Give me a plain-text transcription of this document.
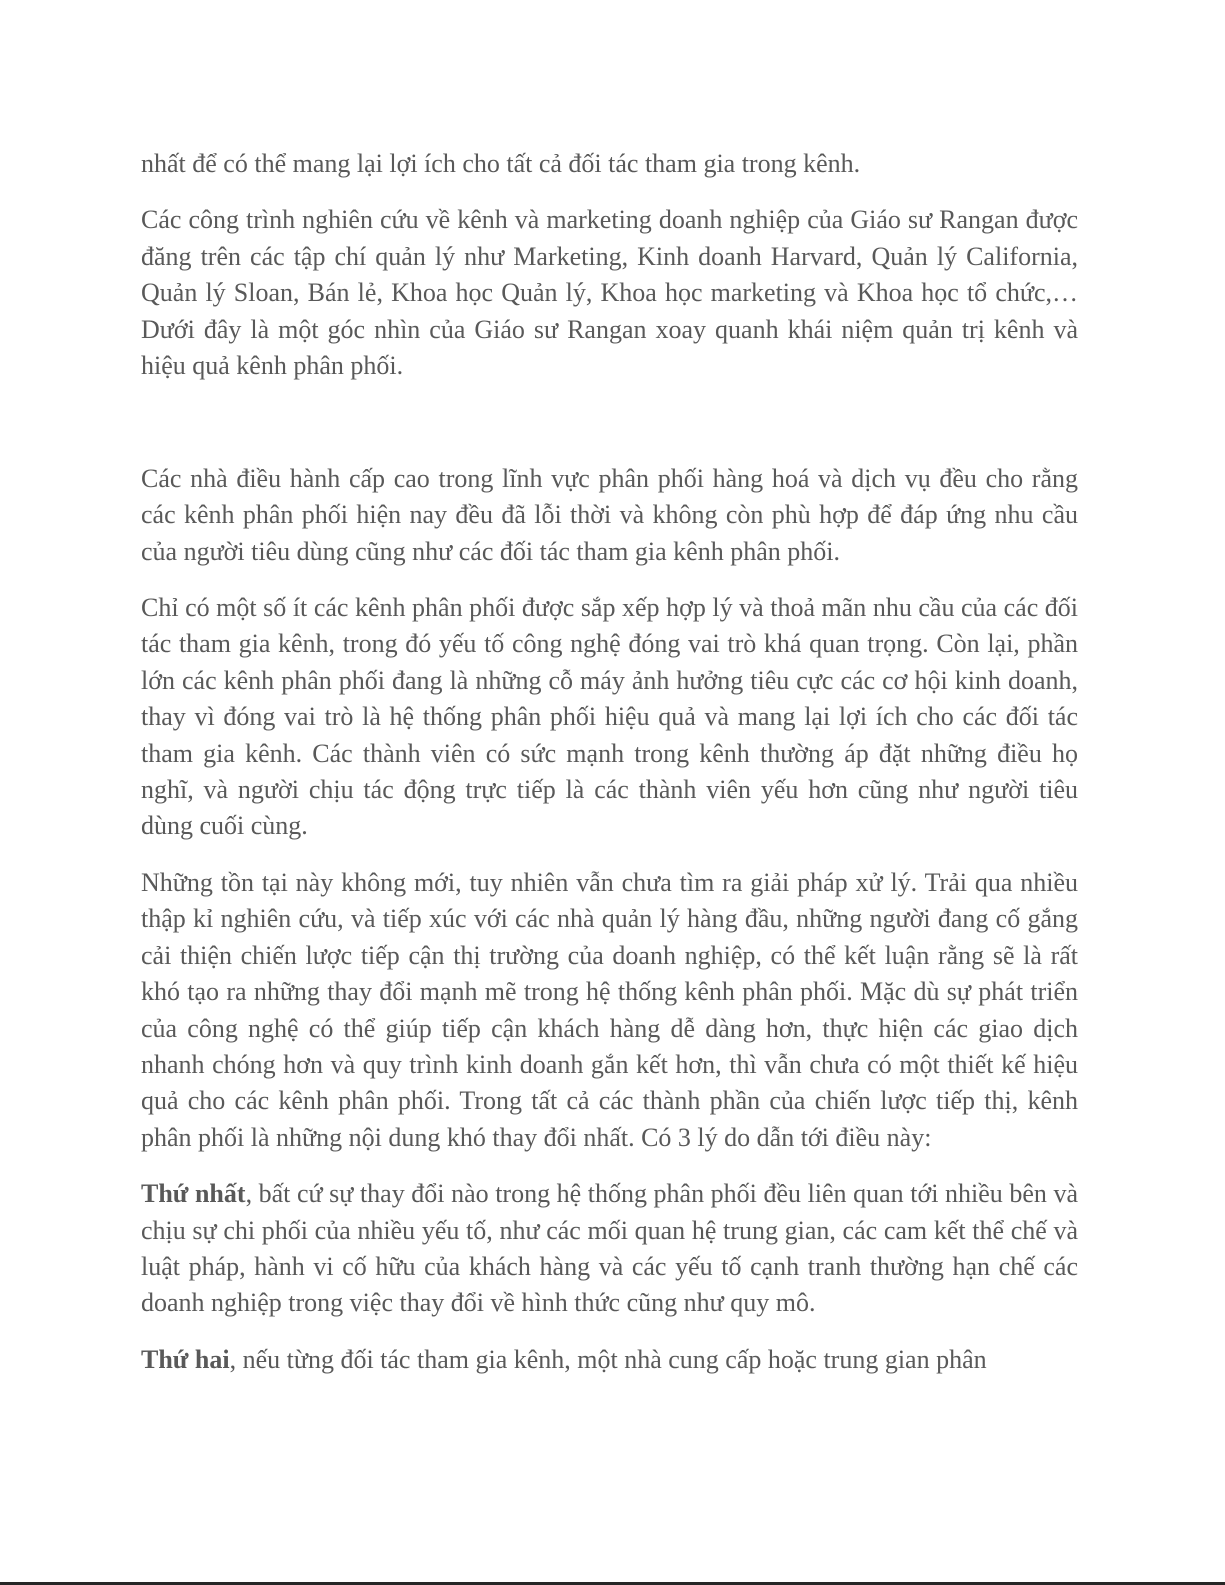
nhất để có thể mang lại lợi ích cho tất cả đối tác tham gia trong kênh.

Các công trình nghiên cứu về kênh và marketing doanh nghiệp của Giáo sư Rangan được đăng trên các tập chí quản lý như Marketing, Kinh doanh Harvard, Quản lý California, Quản lý Sloan, Bán lẻ, Khoa học Quản lý, Khoa học marketing và Khoa học tổ chức,… Dưới đây là một góc nhìn của Giáo sư Rangan xoay quanh khái niệm quản trị kênh và hiệu quả kênh phân phối.

Các nhà điều hành cấp cao trong lĩnh vực phân phối hàng hoá và dịch vụ đều cho rằng các kênh phân phối hiện nay đều đã lỗi thời và không còn phù hợp để đáp ứng nhu cầu của người tiêu dùng cũng như các đối tác tham gia kênh phân phối.

Chỉ có một số ít các kênh phân phối được sắp xếp hợp lý và thoả mãn nhu cầu của các đối tác tham gia kênh, trong đó yếu tố công nghệ đóng vai trò khá quan trọng. Còn lại, phần lớn các kênh phân phối đang là những cỗ máy ảnh hưởng tiêu cực các cơ hội kinh doanh, thay vì đóng vai trò là hệ thống phân phối hiệu quả và mang lại lợi ích cho các đối tác tham gia kênh. Các thành viên có sức mạnh trong kênh thường áp đặt những điều họ nghĩ, và người chịu tác động trực tiếp là các thành viên yếu hơn cũng như người tiêu dùng cuối cùng.

Những tồn tại này không mới, tuy nhiên vẫn chưa tìm ra giải pháp xử lý. Trải qua nhiều thập kỉ nghiên cứu, và tiếp xúc với các nhà quản lý hàng đầu, những người đang cố gắng cải thiện chiến lược tiếp cận thị trường của doanh nghiệp, có thể kết luận rằng sẽ là rất khó tạo ra những thay đổi mạnh mẽ trong hệ thống kênh phân phối. Mặc dù sự phát triển của công nghệ có thể giúp tiếp cận khách hàng dễ dàng hơn, thực hiện các giao dịch nhanh chóng hơn và quy trình kinh doanh gắn kết hơn, thì vẫn chưa có một thiết kế hiệu quả cho các kênh phân phối. Trong tất cả các thành phần của chiến lược tiếp thị, kênh phân phối là những nội dung khó thay đổi nhất. Có 3 lý do dẫn tới điều này:

Thứ nhất, bất cứ sự thay đổi nào trong hệ thống phân phối đều liên quan tới nhiều bên và chịu sự chi phối của nhiều yếu tố, như các mối quan hệ trung gian, các cam kết thể chế và luật pháp, hành vi cố hữu của khách hàng và các yếu tố cạnh tranh thường hạn chế các doanh nghiệp trong việc thay đổi về hình thức cũng như quy mô.

Thứ hai, nếu từng đối tác tham gia kênh, một nhà cung cấp hoặc trung gian phân
